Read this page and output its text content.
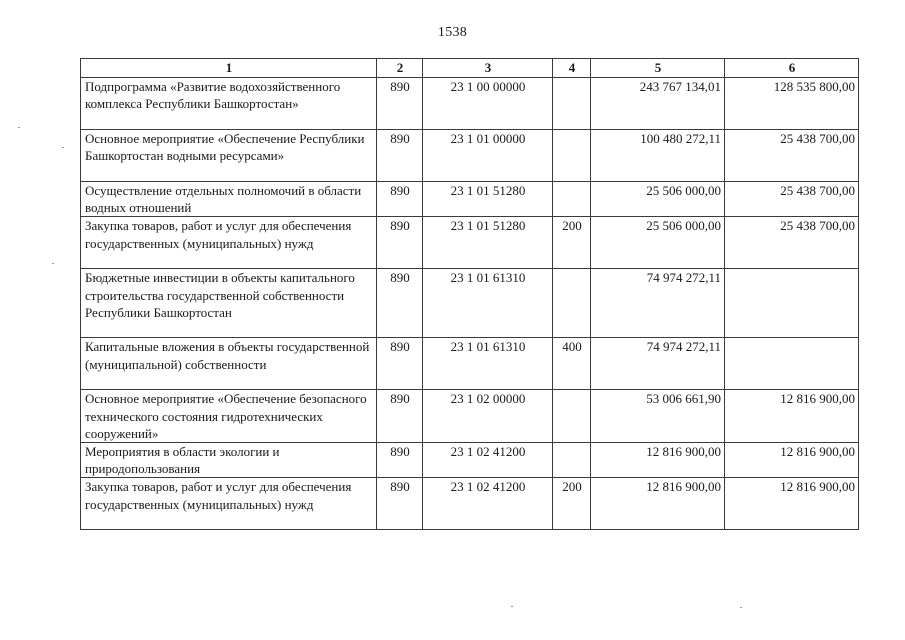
1538
1	2	3	4	5	6
Подпрограмма «Развитие водохозяйственного комплекса Республики Башкортостан»	890	23 1 00 00000		243 767 134,01	128 535 800,00
Основное мероприятие «Обеспечение Республики Башкортостан водными ресурсами»	890	23 1 01 00000		100 480 272,11	25 438 700,00
Осуществление отдельных полномочий в области водных отношений	890	23 1 01 51280		25 506 000,00	25 438 700,00
Закупка товаров, работ и услуг для обеспечения государственных (муниципальных) нужд	890	23 1 01 51280	200	25 506 000,00	25 438 700,00
Бюджетные инвестиции в объекты капитального строительства государственной собственности Республики Башкортостан	890	23 1 01 61310		74 974 272,11	
Капитальные вложения в объекты государственной (муниципальной) собственности	890	23 1 01 61310	400	74 974 272,11	
Основное мероприятие «Обеспечение безопасного технического состояния гидротехнических сооружений»	890	23 1 02 00000		53 006 661,90	12 816 900,00
Мероприятия в области экологии и природопользования	890	23 1 02 41200		12 816 900,00	12 816 900,00
Закупка товаров, работ и услуг для обеспечения государственных (муниципальных) нужд	890	23 1 02 41200	200	12 816 900,00	12 816 900,00
